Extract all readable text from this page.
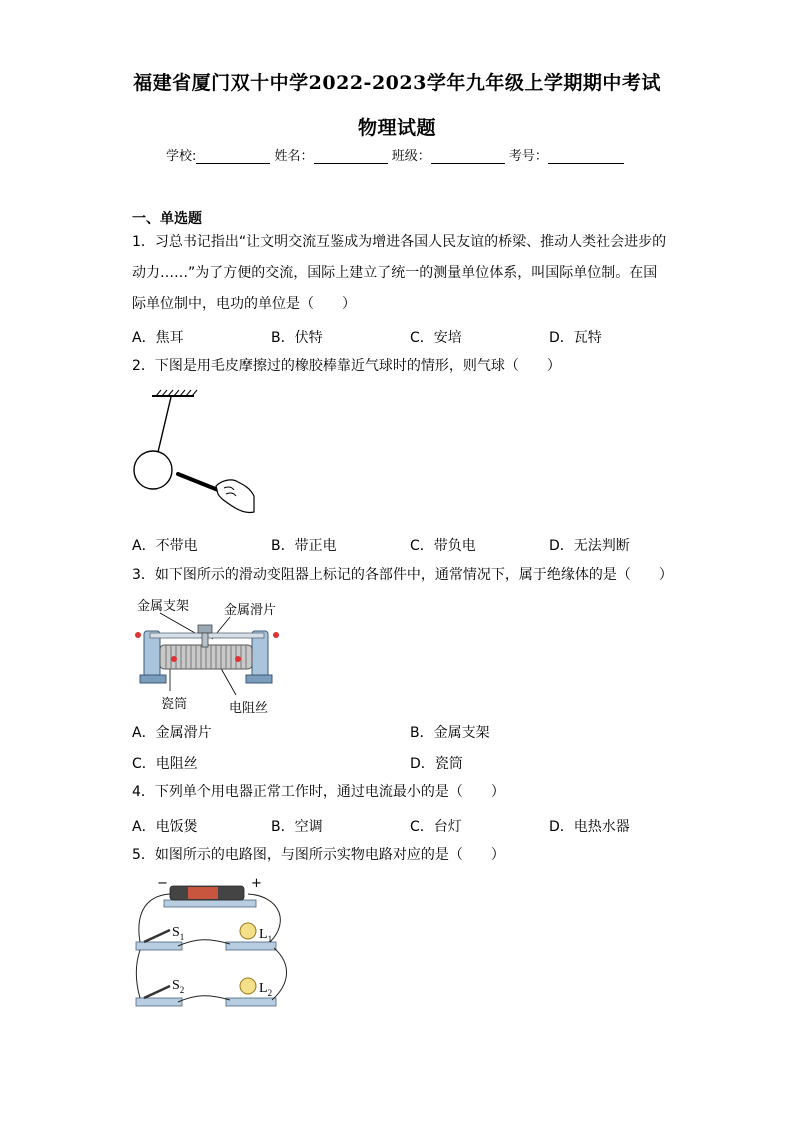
福建省厦门双十中学2022-2023学年九年级上学期期中考试
物理试题
学校:	姓名：	班级：	考号：
一、单选题
1．习总书记指出“让文明交流互鉴成为增进各国人民友谊的桥梁、推动人类社会进步的
动力……”为了方便的交流，国际上建立了统一的测量单位体系，叫国际单位制。在国
际单位制中，电功的单位是（　　）
A．焦耳	B．伏特	C．安培	D．瓦特
2．下图是用毛皮摩擦过的橡胶棒靠近气球时的情形，则气球（　　）
A．不带电	B．带正电	C．带负电	D．无法判断
3．如下图所示的滑动变阻器上标记的各部件中，通常情况下，属于绝缘体的是（　　）
金属支架	金属滑片
瓷筒	电阻丝
A．金属滑片	B．金属支架
C．电阻丝	D．瓷筒
4．下列单个用电器正常工作时，通过电流最小的是（　　）
A．电饭煲	B．空调	C．台灯	D．电热水器
5．如图所示的电路图，与图所示实物电路对应的是（　　）
−	+
$S_1$	$L_1$
$S_2$	$L_2$
